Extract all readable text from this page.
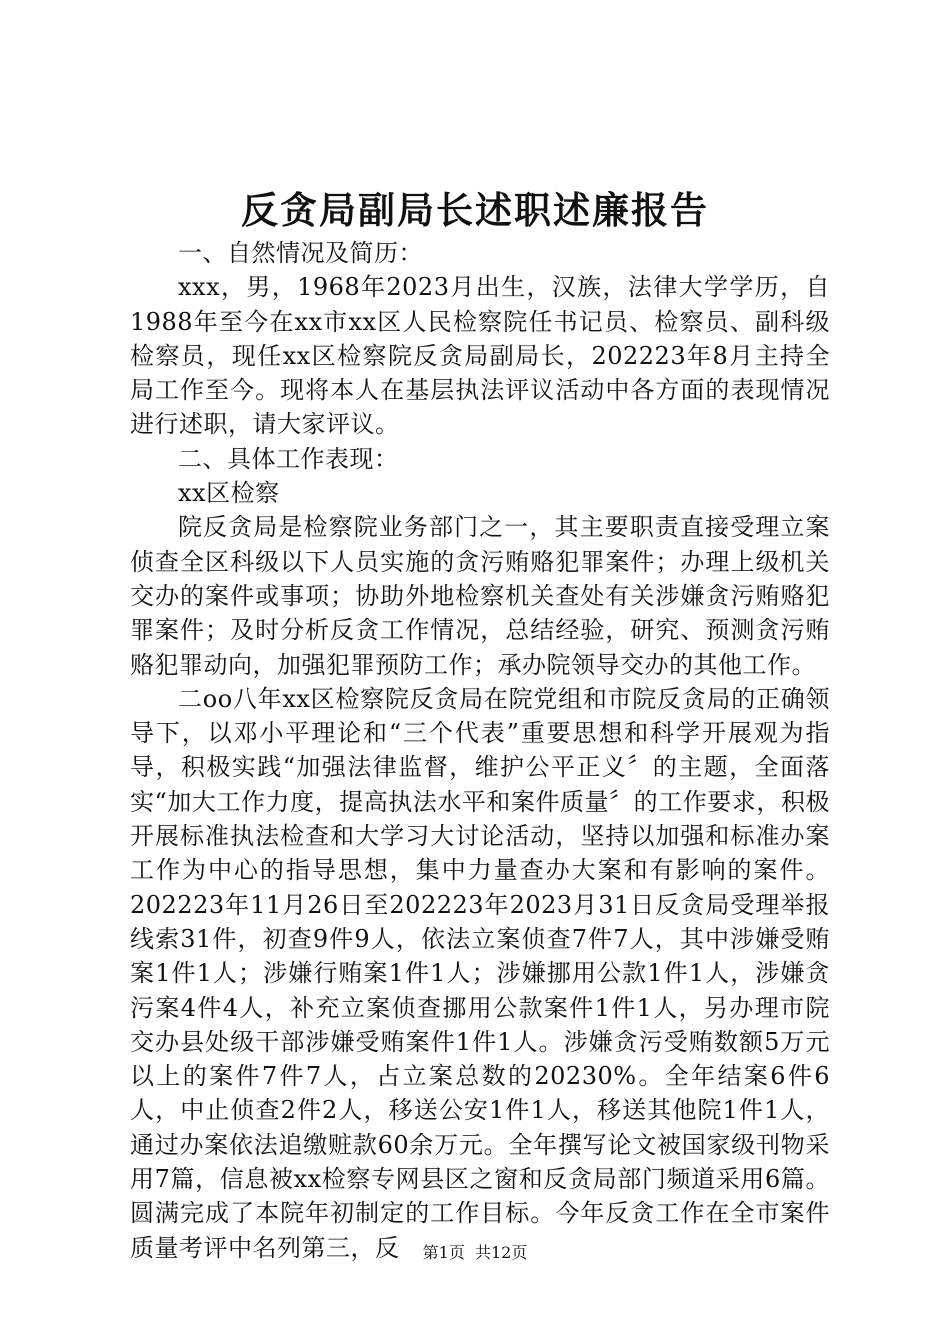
反贪局副局长述职述廉报告

一、自然情况及简历：

xxx，男，1968年2023月出生，汉族，法律大学学历，自1988年至今在xx市xx区人民检察院任书记员、检察员、副科级检察员，现任xx区检察院反贪局副局长，202223年8月主持全局工作至今。现将本人在基层执法评议活动中各方面的表现情况进行述职，请大家评议。

二、具体工作表现：

xx区检察

院反贪局是检察院业务部门之一，其主要职责直接受理立案侦查全区科级以下人员实施的贪污贿赂犯罪案件；办理上级机关交办的案件或事项；协助外地检察机关查处有关涉嫌贪污贿赂犯罪案件；及时分析反贪工作情况，总结经验，研究、预测贪污贿赂犯罪动向，加强犯罪预防工作；承办院领导交办的其他工作。

二oo八年xx区检察院反贪局在院党组和市院反贪局的正确领导下，以邓小平理论和“三个代表”重要思想和科学开展观为指导，积极实践“加强法律监督，维护公平正义〞的主题，全面落实“加大工作力度，提高执法水平和案件质量〞的工作要求，积极开展标准执法检查和大学习大讨论活动，坚持以加强和标准办案工作为中心的指导思想，集中力量查办大案和有影响的案件。202223年11月26日至202223年2023月31日反贪局受理举报线索31件，初查9件9人，依法立案侦查7件7人，其中涉嫌受贿案1件1人；涉嫌行贿案1件1人；涉嫌挪用公款1件1人，涉嫌贪污案4件4人，补充立案侦查挪用公款案件1件1人，另办理市院交办县处级干部涉嫌受贿案件1件1人。涉嫌贪污受贿数额5万元以上的案件7件7人，占立案总数的20230%。全年结案6件6人，中止侦查2件2人，移送公安1件1人，移送其他院1件1人，通过办案依法追缴赃款60余万元。全年撰写论文被国家级刊物采用7篇，信息被xx检察专网县区之窗和反贪局部门频道采用6篇。圆满完成了本院年初制定的工作目标。今年反贪工作在全市案件质量考评中名列第三，反	第1页  共12页
